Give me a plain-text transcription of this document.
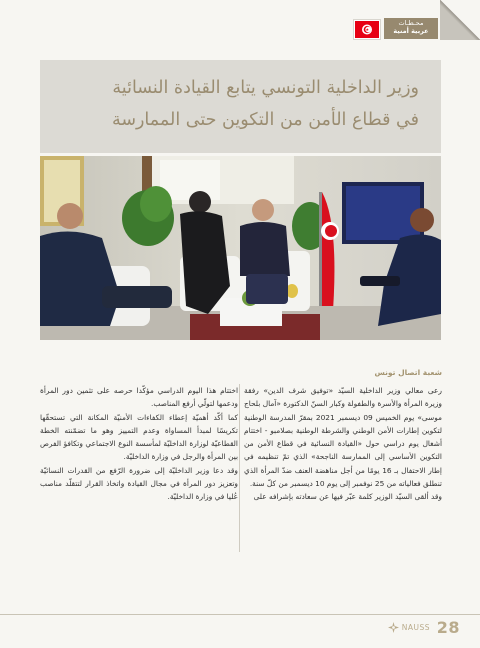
محـطـات
عربية أمنية
وزير الداخلية التونسي يتابع القيادة النسائية
في قطاع الأمن من التكوين حتى الممارسة
شعبة اتصال تونس

رعى معالي وزير الداخلية السيّد «توفيق شرف الدين» رفقة وزيرة المرأة والأسرة والطفولة وكبار السنّ الدكتورة «آمال بلحاج موسى» يوم الخميس 09 ديسمبر 2021 بمقرّ المدرسة الوطنية لتكوين إطارات الأمن الوطني والشرطة الوطنية بصلامبو - اختتام أشغال يوم دراسي حول «القيادة النسائية في قطاع الأمن من التكوين الأساسي إلى الممارسة الناجحة» الذي تمّ تنظيمه في إطار الاحتفال بـ 16 يومًا من أجل مناهضة العنف ضدّ المرأة الذي تنطلق فعالياته من 25 نوفمبر إلى يوم 10 ديسمبر من كلّ سنة.

وقد ألقى السيّد الوزير كلمة عبّر فيها عن سعادته بإشرافه على

اختتام هذا اليوم الدراسي مؤكّدا حرصه على تثمين دور المرأة ودعمها لتولّي أرفع المناصب.

كما أكّد أهميّة إعطاء الكفاءات الأمنيّة المكانة التي تستحقّها تكريسًا لمبدأ المساواة وعدم التمييز وهو ما تضمّنته الخطة القطاعيّة لوزارة الداخليّة لمأسسة النوع الاجتماعي وتكافؤ الفرص بين المرأة والرجل في وزارة الداخليّة.

وقد دعا وزير الداخليّة إلى ضرورة الرّفع من القدرات النسائيّة وتعزيز دور المرأة في مجال القيادة واتخاذ القرار لتتقلّد مناصب عُليا في وزارة الداخليّة.

NAUSS 28
